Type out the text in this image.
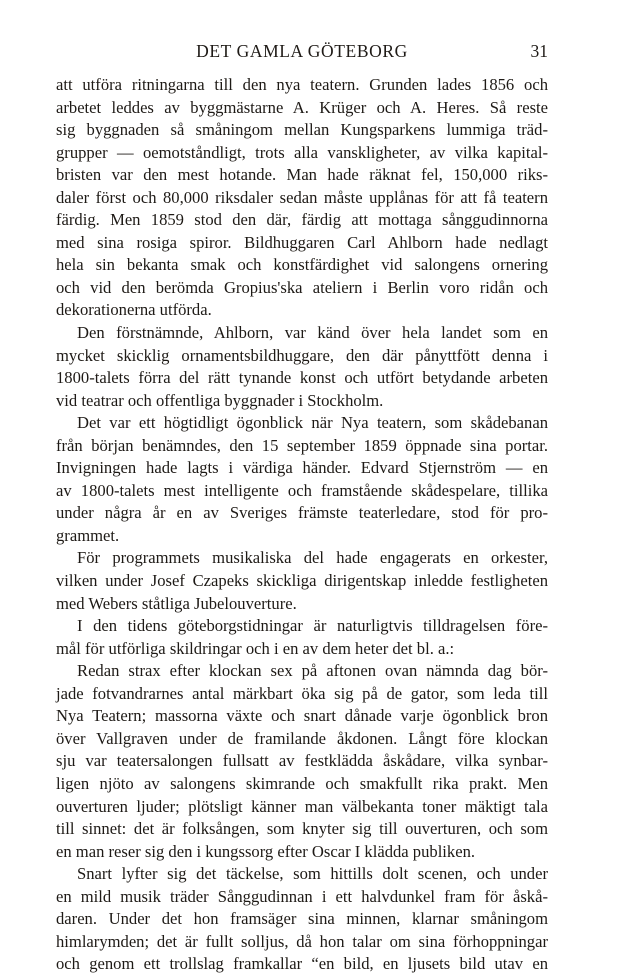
DET GAMLA GÖTEBORG	31
att utföra ritningarna till den nya teatern. Grunden lades 1856 och
arbetet leddes av byggmästarne A. Krüger och A. Heres. Så reste
sig byggnaden så småningom mellan Kungsparkens lummiga träd-
grupper — oemotståndligt, trots alla vanskligheter, av vilka kapital-
bristen var den mest hotande. Man hade räknat fel, 150,000 riks-
daler först och 80,000 riksdaler sedan måste upplånas för att få teatern
färdig. Men 1859 stod den där, färdig att mottaga sånggudinnorna
med sina rosiga spiror. Bildhuggaren Carl Ahlborn hade nedlagt
hela sin bekanta smak och konstfärdighet vid salongens ornering
och vid den berömda Gropius'ska ateliern i Berlin voro ridån och
dekorationerna utförda.
Den förstnämnde, Ahlborn, var känd över hela landet som en
mycket skicklig ornamentsbildhuggare, den där pånyttfött denna i
1800-talets förra del rätt tynande konst och utfört betydande arbeten
vid teatrar och offentliga byggnader i Stockholm.
Det var ett högtidligt ögonblick när Nya teatern, som skådebanan
från början benämndes, den 15 september 1859 öppnade sina portar.
Invigningen hade lagts i värdiga händer. Edvard Stjernström — en
av 1800-talets mest intelligente och framstående skådespelare, tillika
under några år en av Sveriges främste teaterledare, stod för pro-
grammet.
För programmets musikaliska del hade engagerats en orkester,
vilken under Josef Czapeks skickliga dirigentskap inledde festligheten
med Webers ståtliga Jubelouverture.
I den tidens göteborgstidningar är naturligtvis tilldragelsen före-
mål för utförliga skildringar och i en av dem heter det bl. a.:
Redan strax efter klockan sex på aftonen ovan nämnda dag bör-
jade fotvandrarnes antal märkbart öka sig på de gator, som leda till
Nya Teatern; massorna växte och snart dånade varje ögonblick bron
över Vallgraven under de framilande åkdonen. Långt före klockan
sju var teatersalongen fullsatt av festklädda åskådare, vilka synbar-
ligen njöto av salongens skimrande och smakfullt rika prakt. Men
ouverturen ljuder; plötsligt känner man välbekanta toner mäktigt tala
till sinnet: det är folksången, som knyter sig till ouverturen, och som
en man reser sig den i kungssorg efter Oscar I klädda publiken.
Snart lyfter sig det täckelse, som hittills dolt scenen, och under
en mild musik träder Sånggudinnan i ett halvdunkel fram för åskå-
daren. Under det hon framsäger sina minnen, klarnar småningom
himlarymden; det är fullt solljus, då hon talar om sina förhoppningar
och genom ett trollslag framkallar “en bild, en ljusets bild utav en
